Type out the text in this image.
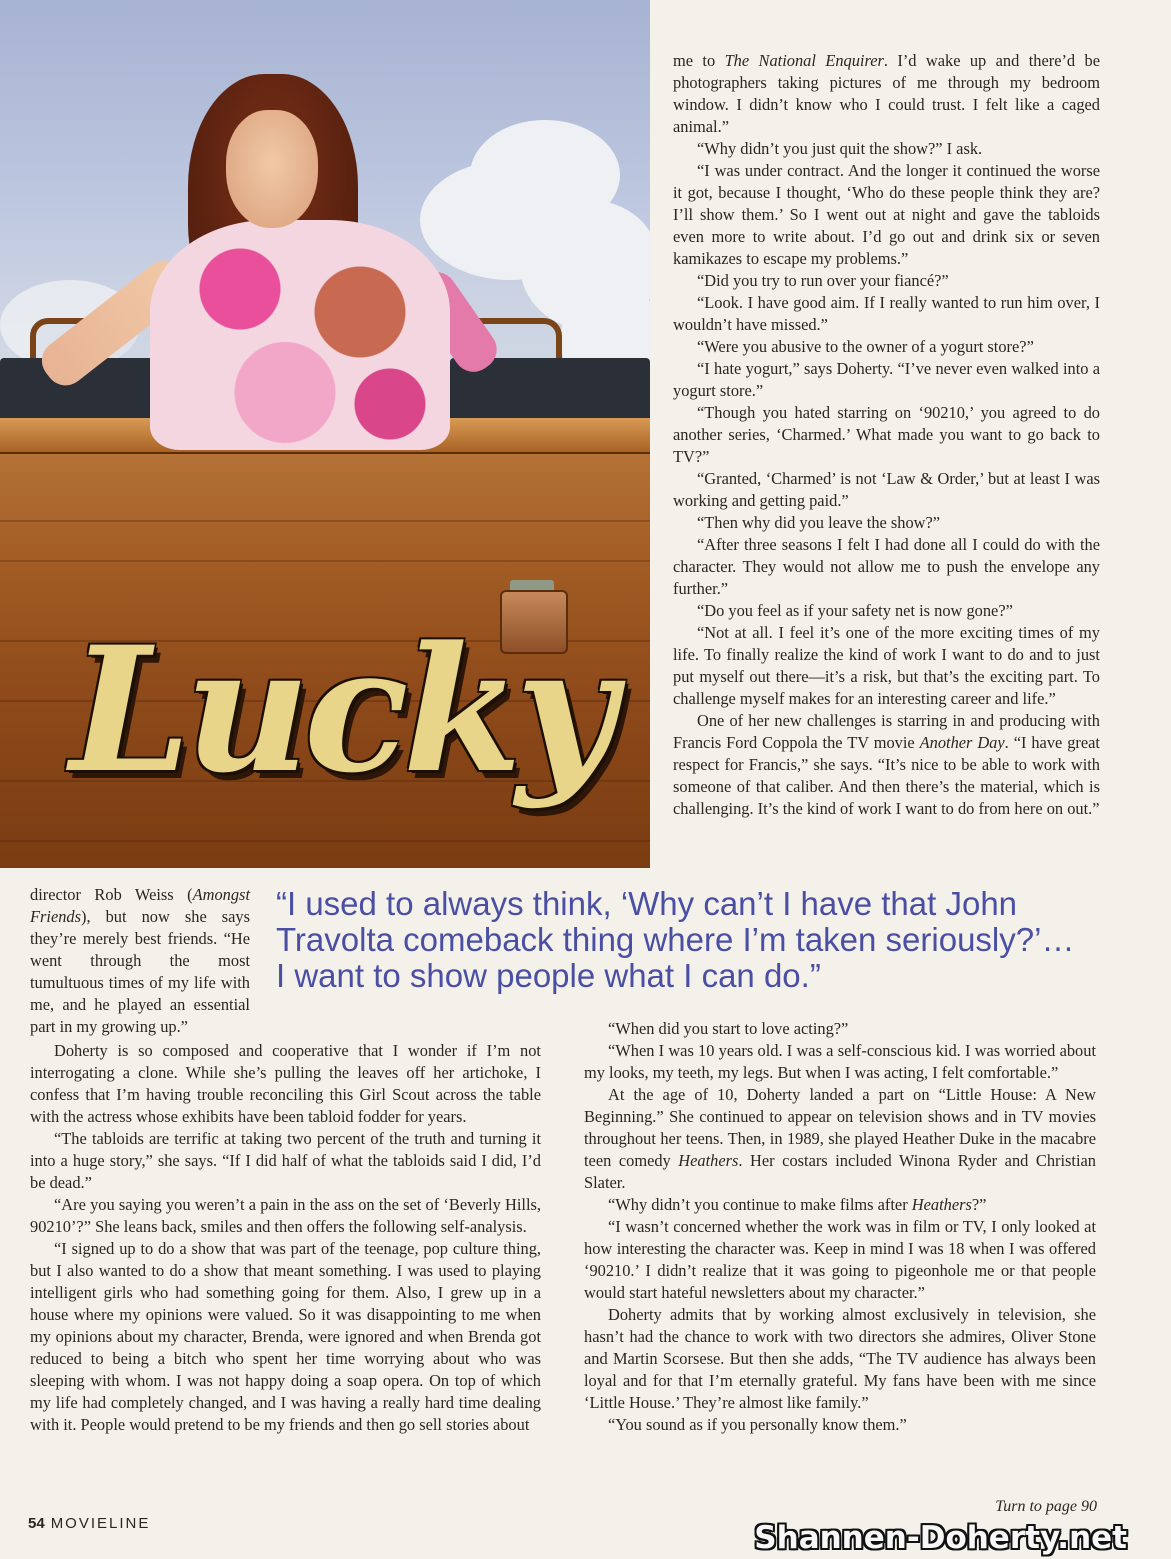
Lucky

me to The National Enquirer. I’d wake up and there’d be photographers taking pictures of me through my bedroom window. I didn’t know who I could trust. I felt like a caged animal.”

“Why didn’t you just quit the show?” I ask.

“I was under contract. And the longer it continued the worse it got, because I thought, ‘Who do these people think they are? I’ll show them.’ So I went out at night and gave the tabloids even more to write about. I’d go out and drink six or seven kamikazes to escape my problems.”

“Did you try to run over your fiancé?”

“Look. I have good aim. If I really wanted to run him over, I wouldn’t have missed.”

“Were you abusive to the owner of a yogurt store?”

“I hate yogurt,” says Doherty. “I’ve never even walked into a yogurt store.”

“Though you hated starring on ‘90210,’ you agreed to do another series, ‘Charmed.’ What made you want to go back to TV?”

“Granted, ‘Charmed’ is not ‘Law & Order,’ but at least I was working and getting paid.”

“Then why did you leave the show?”

“After three seasons I felt I had done all I could do with the character. They would not allow me to push the envelope any further.”

“Do you feel as if your safety net is now gone?”

“Not at all. I feel it’s one of the more exciting times of my life. To finally realize the kind of work I want to do and to just put myself out there—it’s a risk, but that’s the exciting part. To challenge myself makes for an interesting career and life.”

One of her new challenges is starring in and producing with Francis Ford Coppola the TV movie Another Day. “I have great respect for Francis,” she says. “It’s nice to be able to work with someone of that caliber. And then there’s the material, which is challenging. It’s the kind of work I want to do from here on out.”

director Rob Weiss (Amongst Friends), but now she says they’re merely best friends. “He went through the most tumultuous times of my life with me, and he played an essential part in my growing up.”

“I used to always think, ‘Why can’t I have that John
Travolta comeback thing where I’m taken seriously?’…
I want to show people what I can do.”

Doherty is so composed and cooperative that I wonder if I’m not interrogating a clone. While she’s pulling the leaves off her artichoke, I confess that I’m having trouble reconciling this Girl Scout across the table with the actress whose exhibits have been tabloid fodder for years.

“The tabloids are terrific at taking two percent of the truth and turning it into a huge story,” she says. “If I did half of what the tabloids said I did, I’d be dead.”

“Are you saying you weren’t a pain in the ass on the set of ‘Beverly Hills, 90210’?” She leans back, smiles and then offers the following self-analysis.

“I signed up to do a show that was part of the teenage, pop culture thing, but I also wanted to do a show that meant something. I was used to playing intelligent girls who had something going for them. Also, I grew up in a house where my opinions were valued. So it was disappointing to me when my opinions about my character, Brenda, were ignored and when Brenda got reduced to being a bitch who spent her time worrying about who was sleeping with whom. I was not happy doing a soap opera. On top of which my life had completely changed, and I was having a really hard time dealing with it. People would pretend to be my friends and then go sell stories about

“When did you start to love acting?”

“When I was 10 years old. I was a self-conscious kid. I was worried about my looks, my teeth, my legs. But when I was acting, I felt comfortable.”

At the age of 10, Doherty landed a part on “Little House: A New Beginning.” She continued to appear on television shows and in TV movies throughout her teens. Then, in 1989, she played Heather Duke in the macabre teen comedy Heathers. Her costars included Winona Ryder and Christian Slater.

“Why didn’t you continue to make films after Heathers?”

“I wasn’t concerned whether the work was in film or TV, I only looked at how interesting the character was. Keep in mind I was 18 when I was offered ‘90210.’ I didn’t realize that it was going to pigeonhole me or that people would start hateful newsletters about my character.”

Doherty admits that by working almost exclusively in television, she hasn’t had the chance to work with two directors she admires, Oliver Stone and Martin Scorsese. But then she adds, “The TV audience has always been loyal and for that I’m eternally grateful. My fans have been with me since ‘Little House.’ They’re almost like family.”

“You sound as if you personally know them.”

54 MOVIELINE
Turn to page 90
Shannen-Doherty.net
